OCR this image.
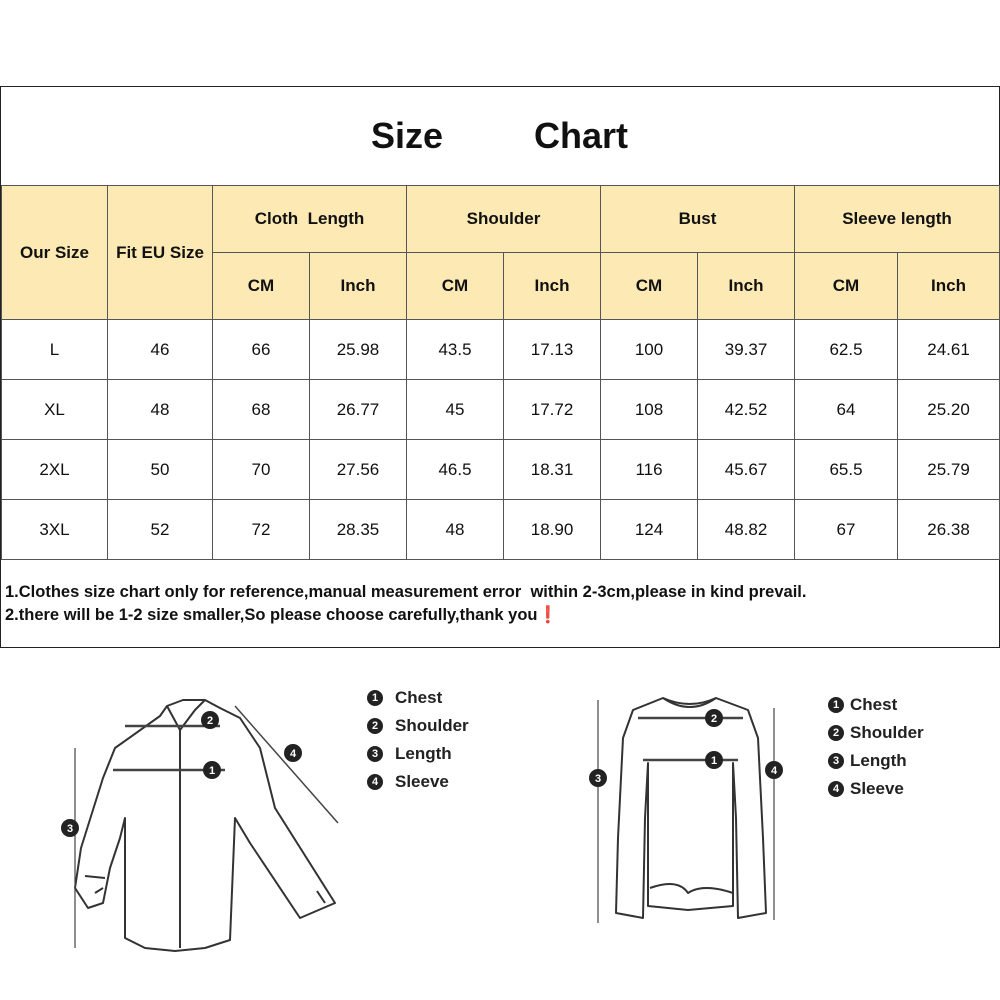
Size	Chart
Our Size	Fit EU Size	Cloth  Length		Shoulder		Bust		Sleeve length	
		CM	Inch	CM	Inch	CM	Inch	CM	Inch
L	46	66	25.98	43.5	17.13	100	39.37	62.5	24.61
XL	48	68	26.77	45	17.72	108	42.52	64	25.20
2XL	50	70	27.56	46.5	18.31	116	45.67	65.5	25.79
3XL	52	72	28.35	48	18.90	124	48.82	67	26.38
1.Clothes size chart only for reference,manual measurement error  within 2-3cm,please in kind prevail.
2.there will be 1-2 size smaller,So please choose carefully,thank you❗
1
2
3
4
1 Chest
2 Shoulder
3 Length
4 Sleeve
1
2
3
4
1 Chest
2 Shoulder
3 Length
4 Sleeve
